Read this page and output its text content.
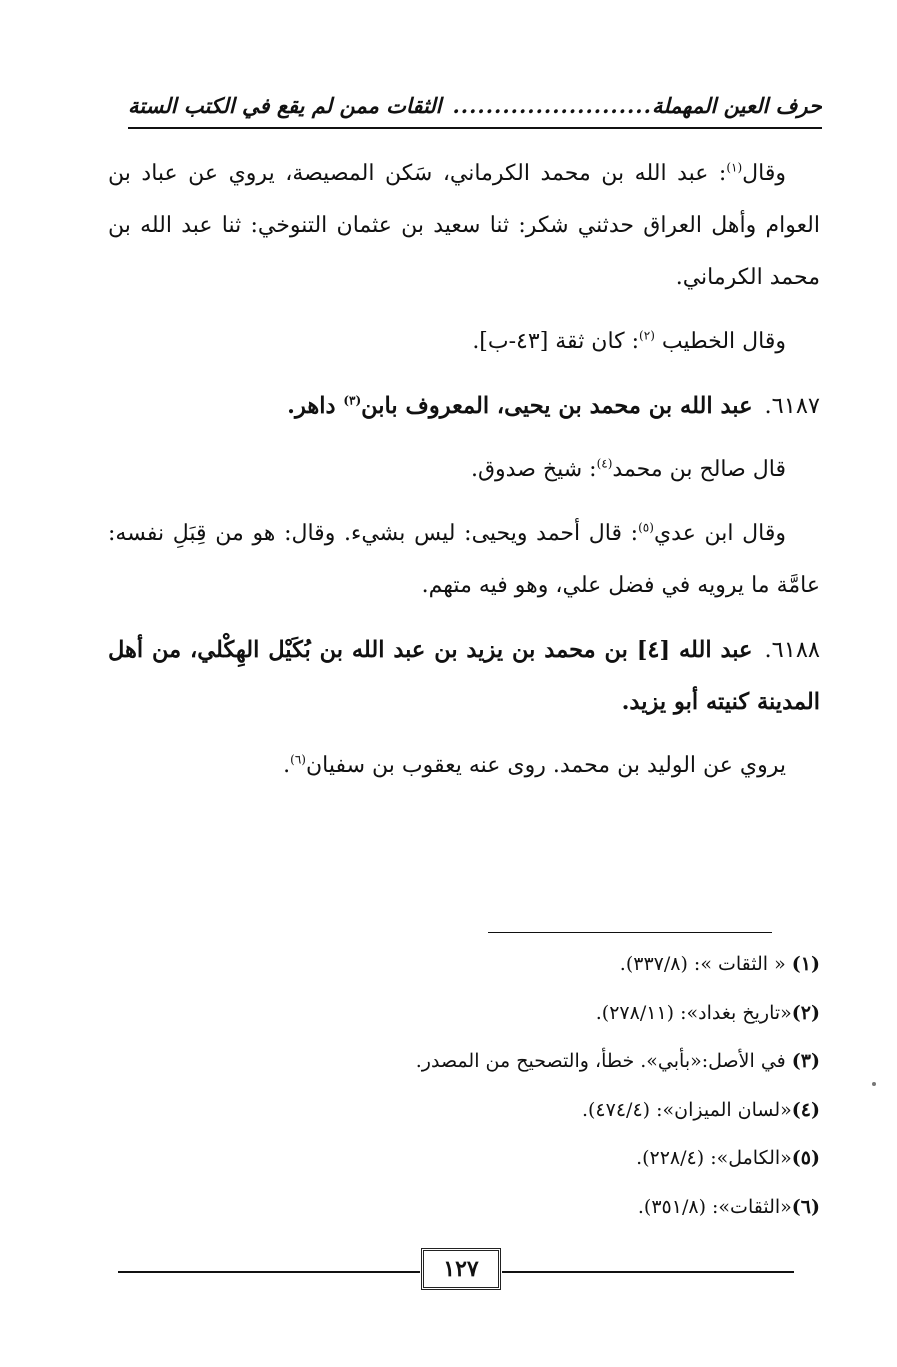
حرف العين المهملة
........................
الثقات ممن لم يقع في الكتب الستة

وقال$^{(١)}$: عبد الله بن محمد الكرماني، سَكن المصيصة، يروي عن عباد بن العوام وأهل العراق حدثني شكر: ثنا سعيد بن عثمان التنوخي: ثنا عبد الله بن محمد الكرماني.

وقال الخطيب $^{(٢)}$: كان ثقة [٤٣-ب].

٦١٨٧.عبد الله بن محمد بن يحيى، المعروف بابن$^{(٣)}$ داهر.

قال صالح بن محمد$^{(٤)}$: شيخ صدوق.

وقال ابن عدي$^{(٥)}$: قال أحمد ويحيى: ليس بشيء. وقال: هو من قِبَلِ نفسه: عامَّة ما يرويه في فضل علي، وهو فيه متهم.

٦١٨٨.عبد الله [٤] بن محمد بن يزيد بن عبد الله بن بُكَيْل الهِكْلي، من أهل المدينة كنيته أبو يزيد.

يروي عن الوليد بن محمد. روى عنه يعقوب بن سفيان$^{(٦)}$.

(١) « الثقات »: (٣٣٧/٨).

(٢)«تاريخ بغداد»: (٢٧٨/١١).

(٣) في الأصل:«بأبي». خطأ، والتصحيح من المصدر.

(٤)«لسان الميزان»: (٤٧٤/٤).

(٥)«الكامل»: (٢٢٨/٤).

(٦)«الثقات»: (٣٥١/٨).

١٢٧
